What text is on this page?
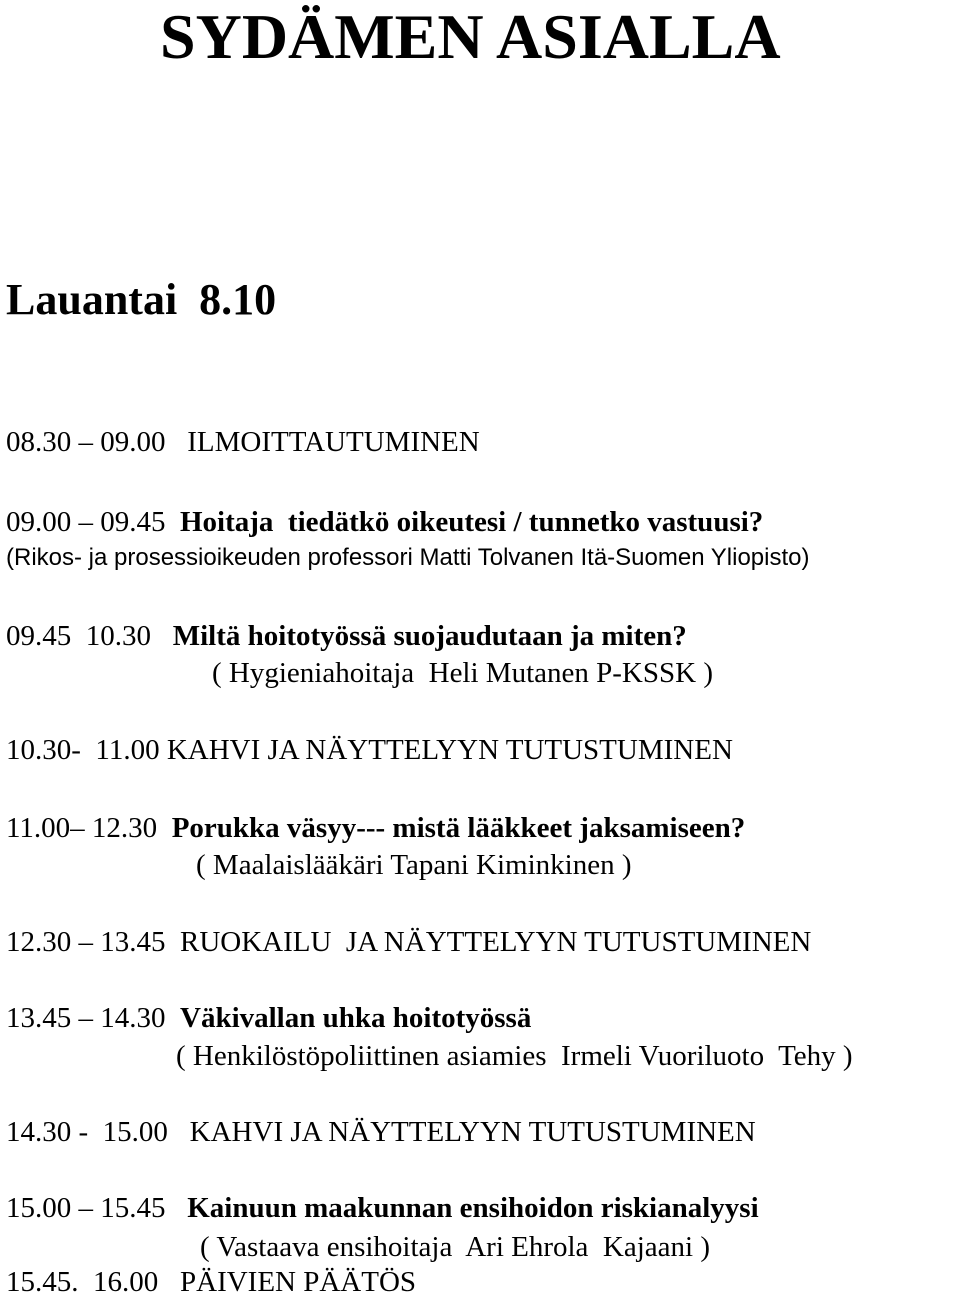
SYDÄMEN ASIALLA
Lauantai  8.10
08.30 – 09.00 ILMOITTAUTUMINEN
09.00 – 09.45 Hoitaja  tiedätkö oikeutesi / tunnetko vastuusi?
(Rikos- ja prosessioikeuden professori Matti Tolvanen Itä-Suomen Yliopisto)
09.45  10.30 Miltä hoitotyössä suojaudutaan ja miten?
( Hygieniahoitaja  Heli Mutanen P-KSSK )
10.30-  11.00 KAHVI JA NÄYTTELYYN TUTUSTUMINEN
11.00– 12.30 Porukka väsyy--- mistä lääkkeet jaksamiseen?
( Maalaislääkäri Tapani Kiminkinen )
12.30 – 13.45 RUOKAILU  JA NÄYTTELYYN TUTUSTUMINEN
13.45 – 14.30 Väkivallan uhka hoitotyössä
( Henkilöstöpoliittinen asiamies  Irmeli Vuoriluoto  Tehy )
14.30 -  15.00 KAHVI JA NÄYTTELYYN TUTUSTUMINEN
15.00 – 15.45 Kainuun maakunnan ensihoidon riskianalyysi
( Vastaava ensihoitaja  Ari Ehrola  Kajaani )
15.45.  16.00 PÄIVIEN PÄÄTÖS
